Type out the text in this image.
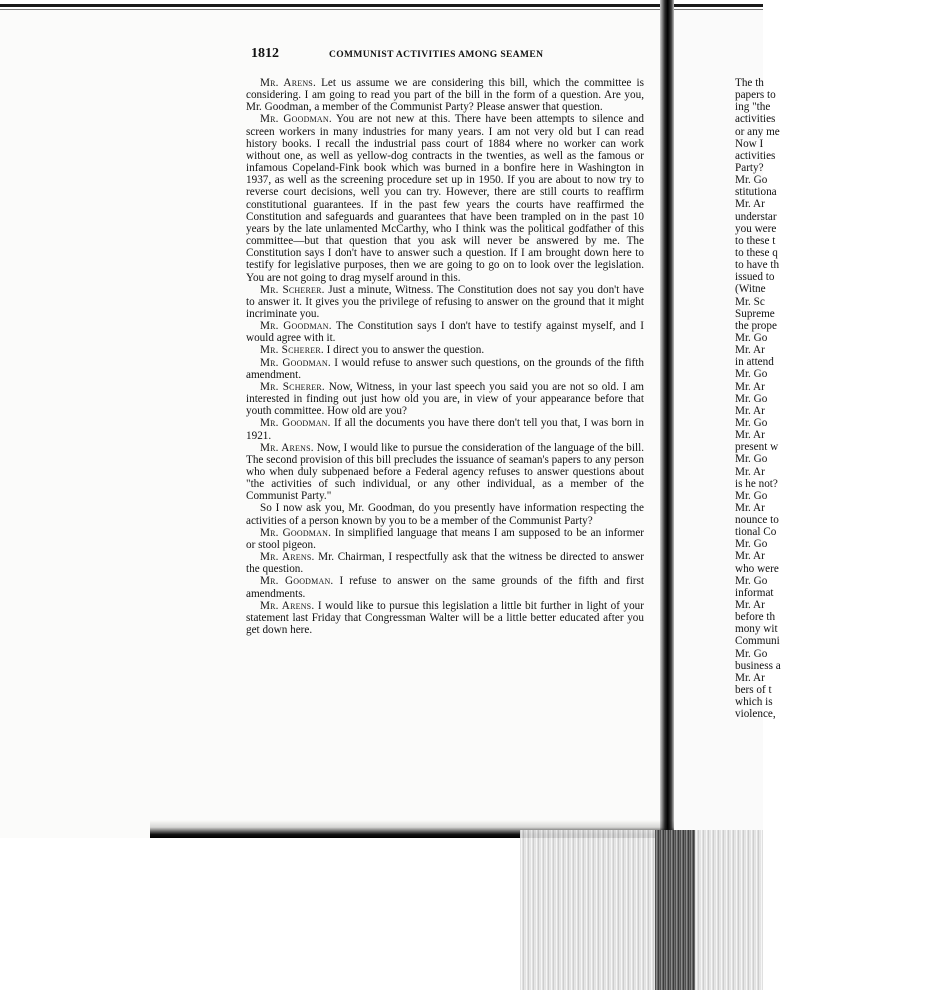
1812	COMMUNIST ACTIVITIES AMONG SEAMEN

Mr. Arens. Let us assume we are considering this bill, which the committee is considering. I am going to read you part of the bill in the form of a question. Are you, Mr. Goodman, a member of the Communist Party? Please answer that question.

Mr. Goodman. You are not new at this. There have been attempts to silence and screen workers in many industries for many years. I am not very old but I can read history books. I recall the industrial pass court of 1884 where no worker can work without one, as well as yellow-dog contracts in the twenties, as well as the famous or infamous Copeland-Fink book which was burned in a bonfire here in Washington in 1937, as well as the screening procedure set up in 1950. If you are about to now try to reverse court decisions, well you can try. However, there are still courts to reaffirm constitutional guarantees. If in the past few years the courts have reaffirmed the Constitution and safeguards and guarantees that have been trampled on in the past 10 years by the late unlamented McCarthy, who I think was the political godfather of this committee—but that question that you ask will never be answered by me. The Constitution says I don't have to answer such a question. If I am brought down here to testify for legislative purposes, then we are going to go on to look over the legislation. You are not going to drag myself around in this.

Mr. Scherer. Just a minute, Witness. The Constitution does not say you don't have to answer it. It gives you the privilege of refusing to answer on the ground that it might incriminate you.

Mr. Goodman. The Constitution says I don't have to testify against myself, and I would agree with it.

Mr. Scherer. I direct you to answer the question.

Mr. Goodman. I would refuse to answer such questions, on the grounds of the fifth amendment.

Mr. Scherer. Now, Witness, in your last speech you said you are not so old. I am interested in finding out just how old you are, in view of your appearance before that youth committee. How old are you?

Mr. Goodman. If all the documents you have there don't tell you that, I was born in 1921.

Mr. Arens. Now, I would like to pursue the consideration of the language of the bill. The second provision of this bill precludes the issuance of seaman's papers to any person who when duly subpenaed before a Federal agency refuses to answer questions about "the activities of such individual, or any other individual, as a member of the Communist Party."

So I now ask you, Mr. Goodman, do you presently have information respecting the activities of a person known by you to be a member of the Communist Party?

Mr. Goodman. In simplified language that means I am supposed to be an informer or stool pigeon.

Mr. Arens. Mr. Chairman, I respectfully ask that the witness be directed to answer the question.

Mr. Goodman. I refuse to answer on the same grounds of the fifth and first amendments.

Mr. Arens. I would like to pursue this legislation a little bit further in light of your statement last Friday that Congressman Walter will be a little better educated after you get down here.

The th
papers to
ing "the
activities
or any me
Now I
activities
Party?
Mr. Go
stitutiona
Mr. Ar
understar
you were
to these t
to these q
to have th
issued to
(Witne
Mr. Sc
Supreme
the prope
Mr. Go
Mr. Ar
in attend
Mr. Go
Mr. Ar
Mr. Go
Mr. Ar
Mr. Go
Mr. Ar
present w
Mr. Go
Mr. Ar
is he not?
Mr. Go
Mr. Ar
nounce to
tional Co
Mr. Go
Mr. Ar
who were
Mr. Go
informat
Mr. Ar
before th
mony wit
Communi
Mr. Go
business a
Mr. Ar
bers of t
which is
violence,
